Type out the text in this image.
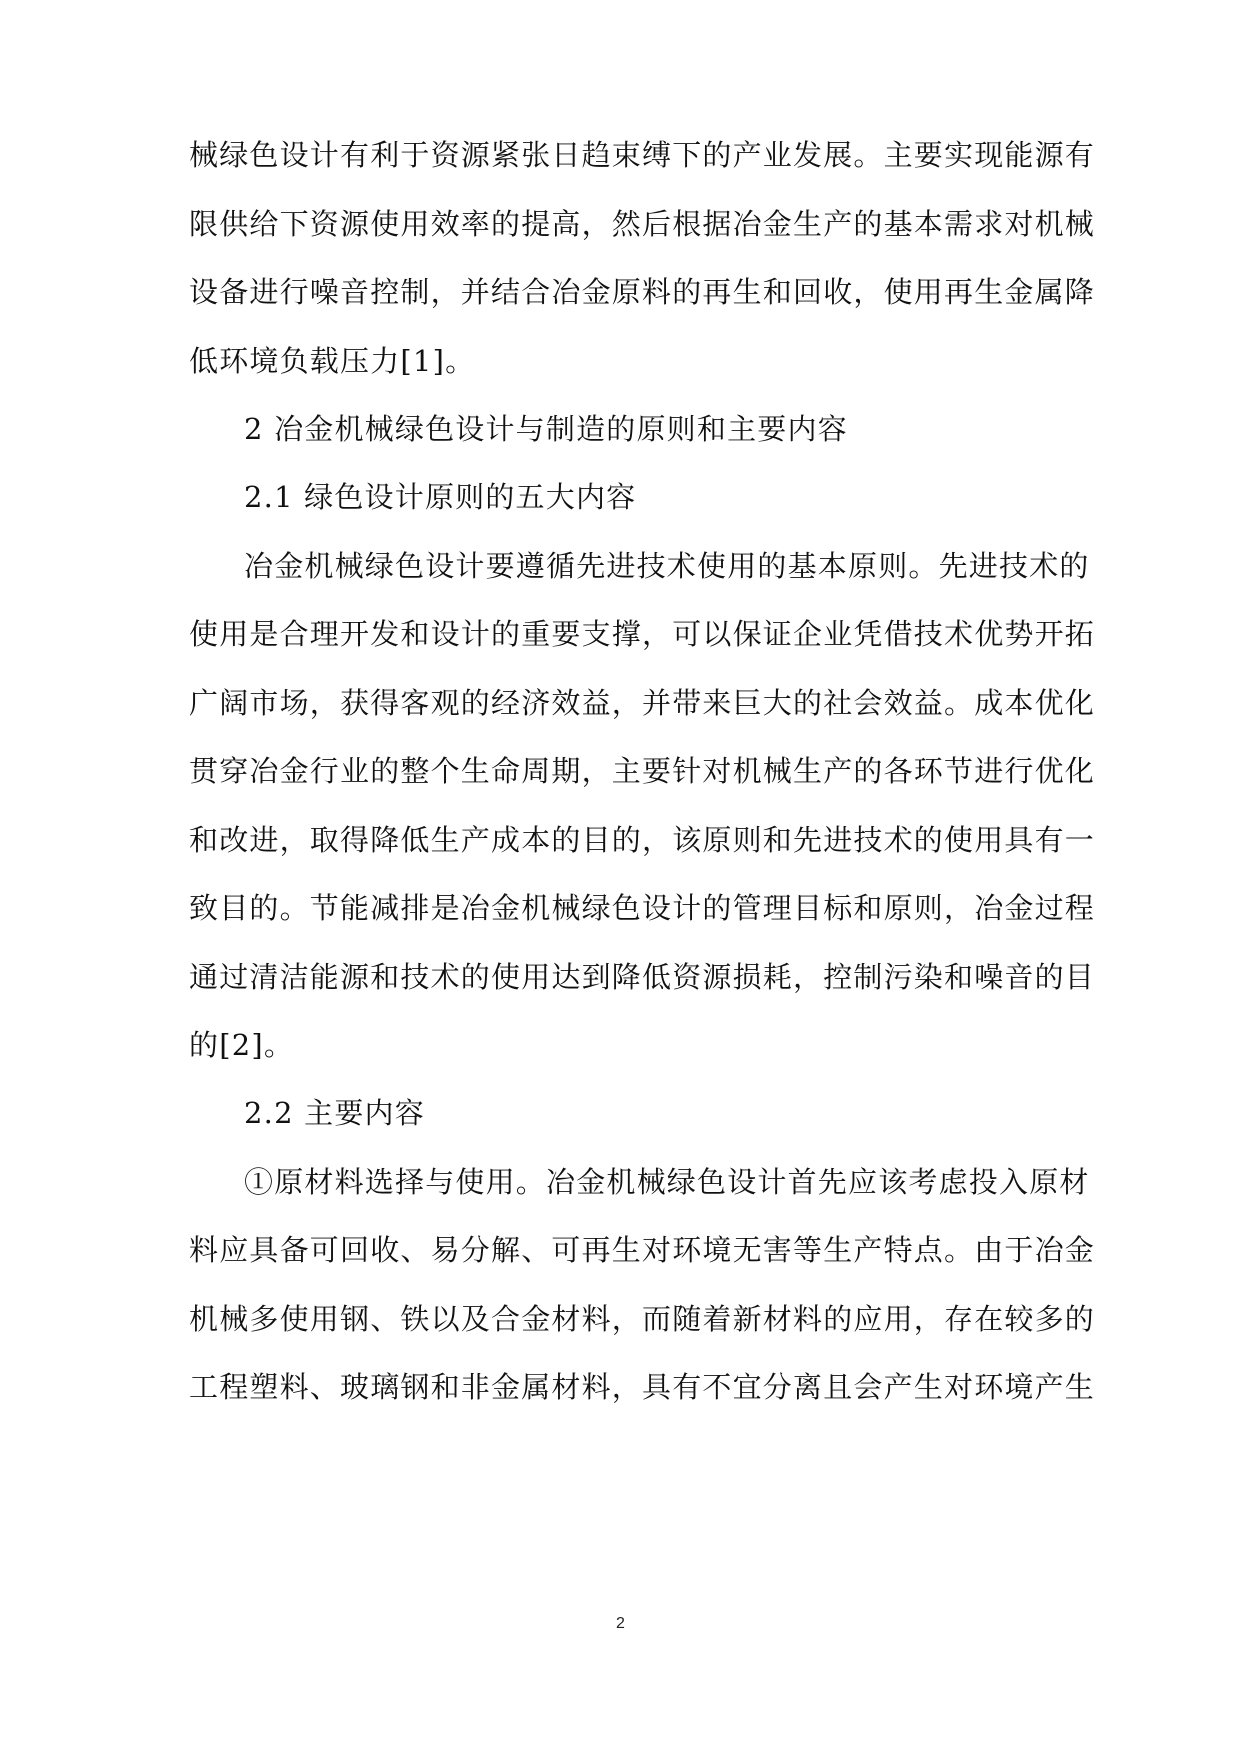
械绿色设计有利于资源紧张日趋束缚下的产业发展。主要实现能源有
限供给下资源使用效率的提高，然后根据冶金生产的基本需求对机械
设备进行噪音控制，并结合冶金原料的再生和回收，使用再生金属降
低环境负载压力[1]。
2 冶金机械绿色设计与制造的原则和主要内容
2.1 绿色设计原则的五大内容
冶金机械绿色设计要遵循先进技术使用的基本原则。先进技术的
使用是合理开发和设计的重要支撑，可以保证企业凭借技术优势开拓
广阔市场，获得客观的经济效益，并带来巨大的社会效益。成本优化
贯穿冶金行业的整个生命周期，主要针对机械生产的各环节进行优化
和改进，取得降低生产成本的目的，该原则和先进技术的使用具有一
致目的。节能减排是冶金机械绿色设计的管理目标和原则，冶金过程
通过清洁能源和技术的使用达到降低资源损耗，控制污染和噪音的目
的[2]。
2.2 主要内容
①原材料选择与使用。冶金机械绿色设计首先应该考虑投入原材
料应具备可回收、易分解、可再生对环境无害等生产特点。由于冶金
机械多使用钢、铁以及合金材料，而随着新材料的应用，存在较多的
工程塑料、玻璃钢和非金属材料，具有不宜分离且会产生对环境产生
2
